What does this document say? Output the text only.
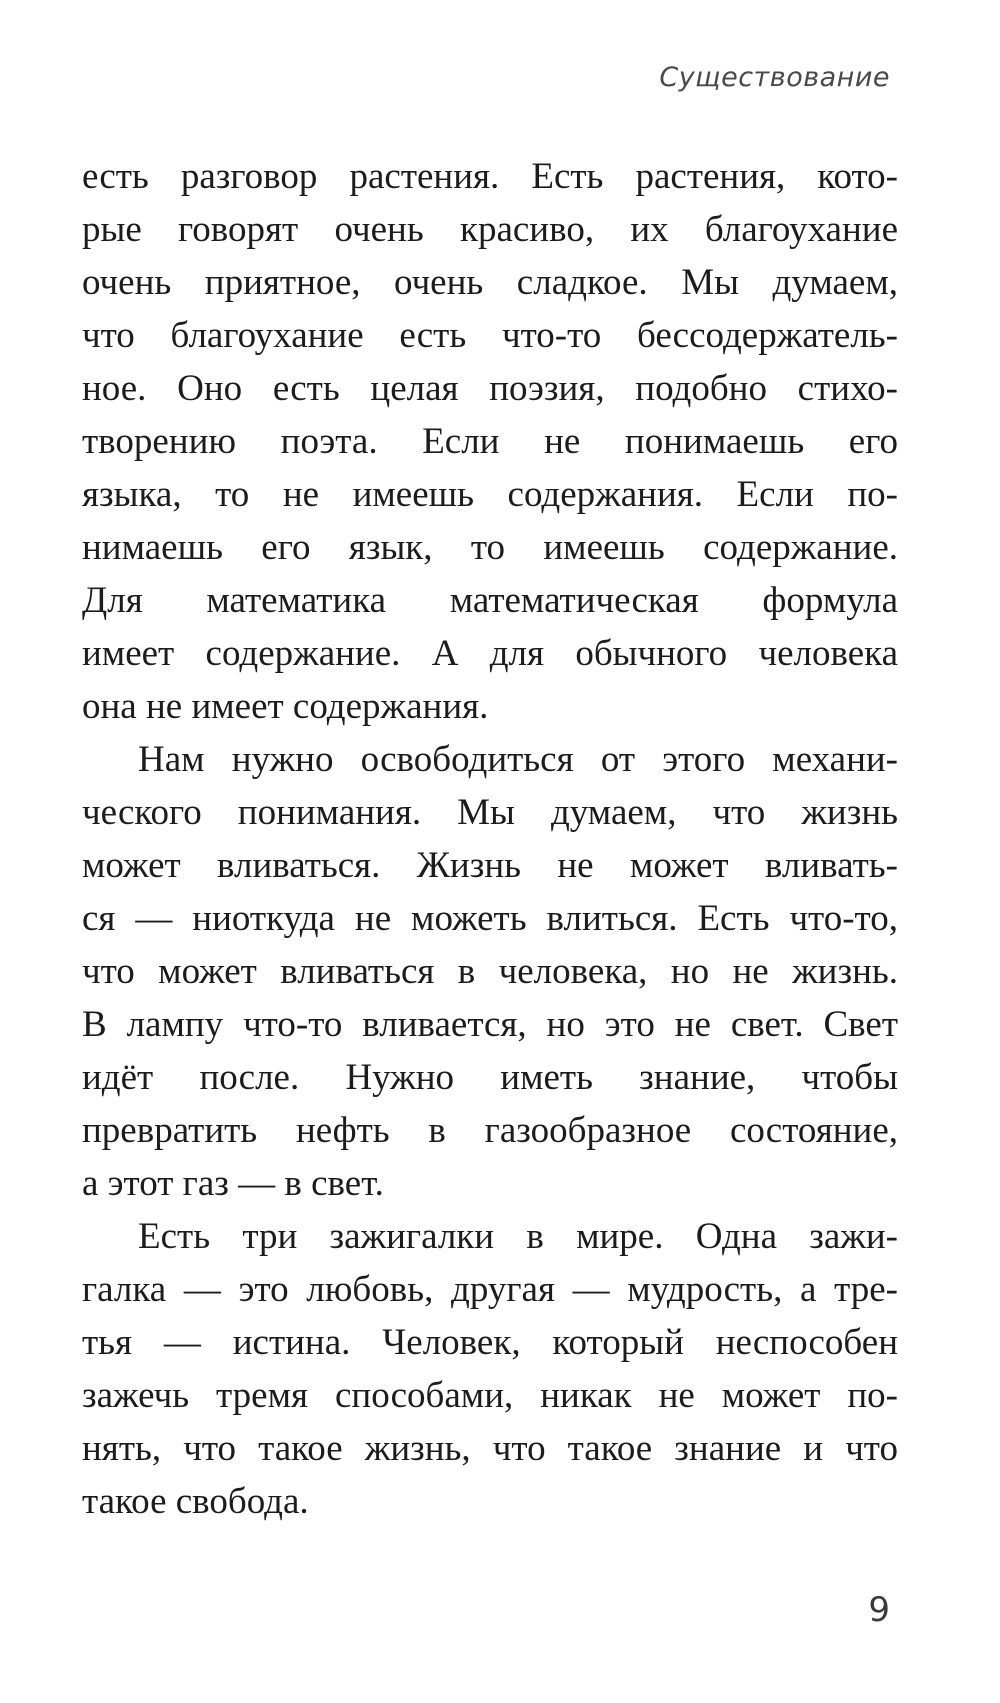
Существование
есть разговор растения. Есть растения, кото-
рые говорят очень красиво, их благоухание
очень приятное, очень сладкое. Мы думаем,
что благоухание есть что-то бессодержатель-
ное. Оно есть целая поэзия, подобно стихо-
творению поэта. Если не понимаешь его
языка, то не имеешь содержания. Если по-
нимаешь его язык, то имеешь содержание.
Для математика математическая формула
имеет содержание. А для обычного человека
она не имеет содержания.
Нам нужно освободиться от этого механи-
ческого понимания. Мы думаем, что жизнь
может вливаться. Жизнь не может вливать-
ся — ниоткуда не можеть влиться. Есть что-то,
что может вливаться в человека, но не жизнь.
В лампу что-то вливается, но это не свет. Свет
идёт после. Нужно иметь знание, чтобы
превратить нефть в газообразное состояние,
а этот газ — в свет.
Есть три зажигалки в мире. Одна зажи-
галка — это любовь, другая — мудрость, а тре-
тья — истина. Человек, который неспособен
зажечь тремя способами, никак не может по-
нять, что такое жизнь, что такое знание и что
такое свобода.
9
